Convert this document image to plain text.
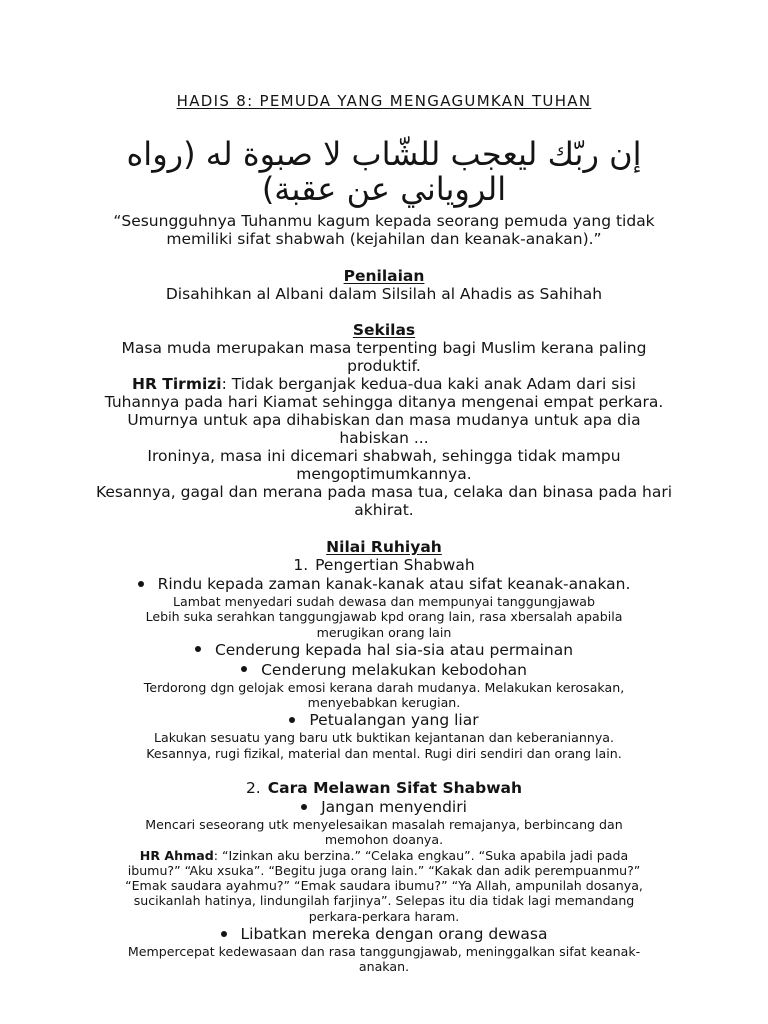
HADIS 8: PEMUDA YANG MENGAGUMKAN TUHAN
إن ربّك ليعجب للشّاب لا صبوة له (رواه
الروياني عن عقبة)
“Sesungguhnya Tuhanmu kagum kepada seorang pemuda yang tidak
memiliki sifat shabwah (kejahilan dan keanak-anakan).”
Penilaian
Disahihkan al Albani dalam Silsilah al Ahadis as Sahihah
Sekilas
Masa muda merupakan masa terpenting bagi Muslim kerana paling
produktif.
HR Tirmizi: Tidak berganjak kedua-dua kaki anak Adam dari sisi
Tuhannya pada hari Kiamat sehingga ditanya mengenai empat perkara.
Umurnya untuk apa dihabiskan dan masa mudanya untuk apa dia
habiskan ...
Ironinya, masa ini dicemari shabwah, sehingga tidak mampu
mengoptimumkannya.
Kesannya, gagal dan merana pada masa tua, celaka dan binasa pada hari
akhirat.
Nilai Ruhiyah
1. Pengertian Shabwah
Rindu kepada zaman kanak-kanak atau sifat keanak-anakan.
Lambat menyedari sudah dewasa dan mempunyai tanggungjawab
Lebih suka serahkan tanggungjawab kpd orang lain, rasa xbersalah apabila
merugikan orang lain
Cenderung kepada hal sia-sia atau permainan
Cenderung melakukan kebodohan
Terdorong dgn gelojak emosi kerana darah mudanya. Melakukan kerosakan,
menyebabkan kerugian.
Petualangan yang liar
Lakukan sesuatu yang baru utk buktikan kejantanan dan keberaniannya.
Kesannya, rugi fizikal, material dan mental. Rugi diri sendiri dan orang lain.
2. Cara Melawan Sifat Shabwah
Jangan menyendiri
Mencari seseorang utk menyelesaikan masalah remajanya, berbincang dan
memohon doanya.
HR Ahmad: “Izinkan aku berzina.” “Celaka engkau”. “Suka apabila jadi pada
ibumu?” “Aku xsuka”. “Begitu juga orang lain.” “Kakak dan adik perempuanmu?”
“Emak saudara ayahmu?” “Emak saudara ibumu?” “Ya Allah, ampunilah dosanya,
sucikanlah hatinya, lindungilah farjinya”. Selepas itu dia tidak lagi memandang
perkara-perkara haram.
Libatkan mereka dengan orang dewasa
Mempercepat kedewasaan dan rasa tanggungjawab, meninggalkan sifat keanak-
anakan.
